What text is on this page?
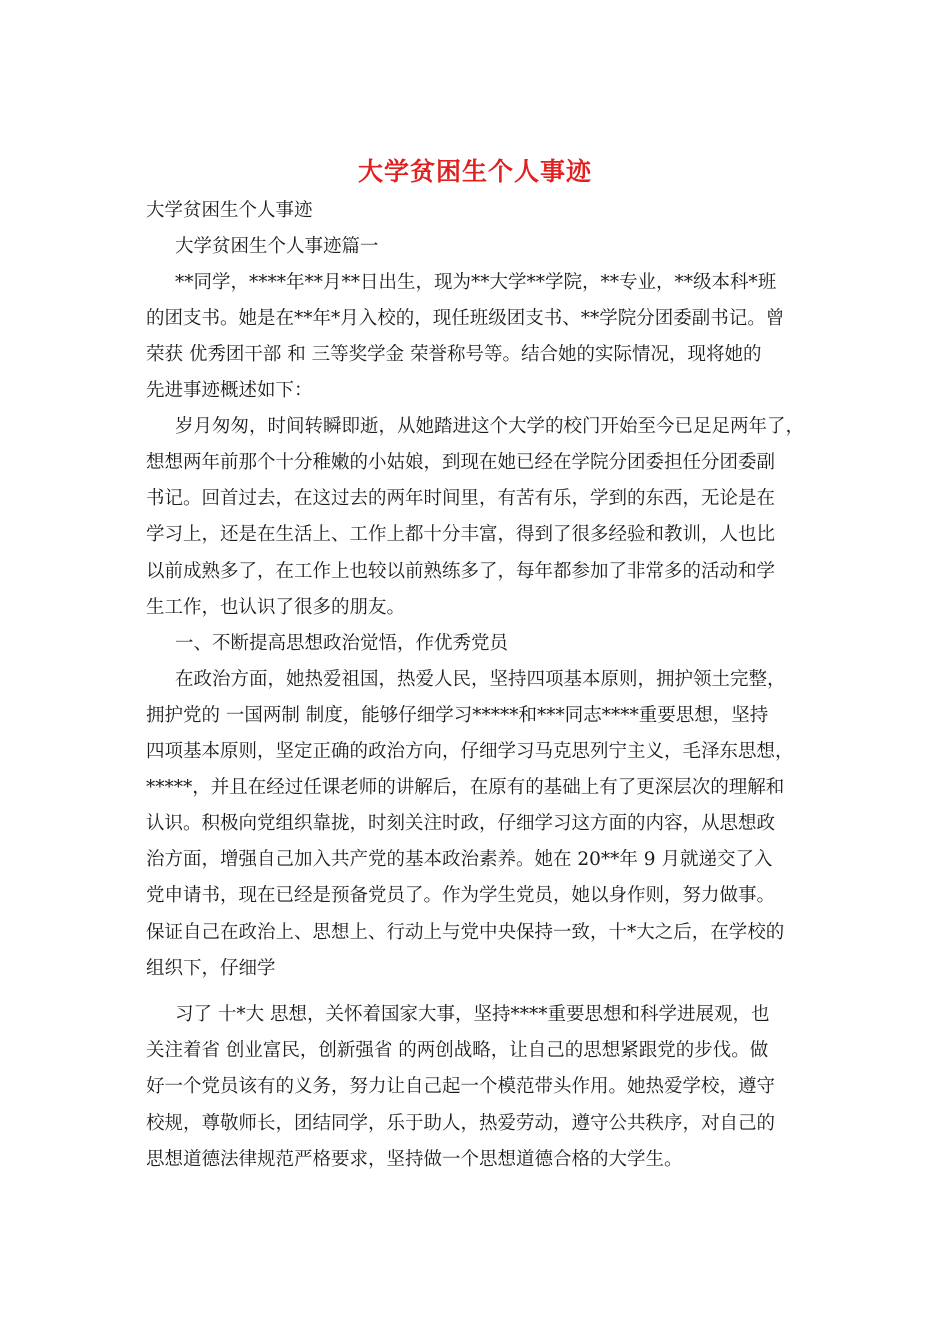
大学贫困生个人事迹
大学贫困生个人事迹
大学贫困生个人事迹篇一
**同学，****年**月**日出生，现为**大学**学院，**专业，**级本科*班
的团支书。她是在**年*月入校的，现任班级团支书、**学院分团委副书记。曾
荣获 优秀团干部 和 三等奖学金 荣誉称号等。结合她的实际情况，现将她的
先进事迹概述如下：
岁月匆匆，时间转瞬即逝，从她踏进这个大学的校门开始至今已足足两年了，
想想两年前那个十分稚嫩的小姑娘，到现在她已经在学院分团委担任分团委副
书记。回首过去，在这过去的两年时间里，有苦有乐，学到的东西，无论是在
学习上，还是在生活上、工作上都十分丰富，得到了很多经验和教训，人也比
以前成熟多了，在工作上也较以前熟练多了，每年都参加了非常多的活动和学
生工作，也认识了很多的朋友。
一、不断提高思想政治觉悟，作优秀党员
在政治方面，她热爱祖国，热爱人民，坚持四项基本原则，拥护领土完整，
拥护党的 一国两制 制度，能够仔细学习*****和***同志****重要思想，坚持
四项基本原则，坚定正确的政治方向，仔细学习马克思列宁主义，毛泽东思想，
*****，并且在经过任课老师的讲解后，在原有的基础上有了更深层次的理解和
认识。积极向党组织靠拢，时刻关注时政，仔细学习这方面的内容，从思想政
治方面，增强自己加入共产党的基本政治素养。她在 20**年 9 月就递交了入
党申请书，现在已经是预备党员了。作为学生党员，她以身作则，努力做事。
保证自己在政治上、思想上、行动上与党中央保持一致，十*大之后，在学校的
组织下，仔细学
习了 十*大 思想，关怀着国家大事，坚持****重要思想和科学进展观，也
关注着省 创业富民，创新强省 的两创战略，让自己的思想紧跟党的步伐。做
好一个党员该有的义务，努力让自己起一个模范带头作用。她热爱学校，遵守
校规，尊敬师长，团结同学，乐于助人，热爱劳动，遵守公共秩序，对自己的
思想道德法律规范严格要求，坚持做一个思想道德合格的大学生。
